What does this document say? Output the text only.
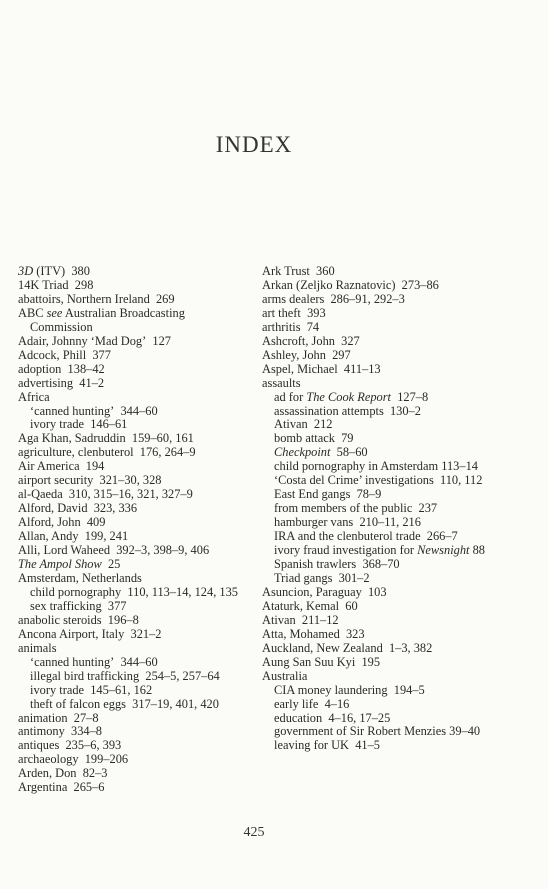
INDEX
3D (ITV)  380
14K Triad  298
abattoirs, Northern Ireland  269
ABC see Australian Broadcasting Commission
Adair, Johnny ‘Mad Dog’  127
Adcock, Phill  377
adoption  138–42
advertising  41–2
Africa
‘canned hunting’  344–60
ivory trade  146–61
Aga Khan, Sadruddin  159–60, 161
agriculture, clenbuterol  176, 264–9
Air America  194
airport security  321–30, 328
al-Qaeda  310, 315–16, 321, 327–9
Alford, David  323, 336
Alford, John  409
Allan, Andy  199, 241
Alli, Lord Waheed  392–3, 398–9, 406
The Ampol Show  25
Amsterdam, Netherlands
child pornography  110, 113–14, 124, 135
sex trafficking  377
anabolic steroids  196–8
Ancona Airport, Italy  321–2
animals
‘canned hunting’  344–60
illegal bird trafficking  254–5, 257–64
ivory trade  145–61, 162
theft of falcon eggs  317–19, 401, 420
animation  27–8
antimony  334–8
antiques  235–6, 393
archaeology  199–206
Arden, Don  82–3
Argentina  265–6
Ark Trust  360
Arkan (Zeljko Raznatovic)  273–86
arms dealers  286–91, 292–3
art theft  393
arthritis  74
Ashcroft, John  327
Ashley, John  297
Aspel, Michael  411–13
assaults
ad for The Cook Report  127–8
assassination attempts  130–2
Ativan  212
bomb attack  79
Checkpoint  58–60
child pornography in Amsterdam 113–14
‘Costa del Crime’ investigations  110, 112
East End gangs  78–9
from members of the public  237
hamburger vans  210–11, 216
IRA and the clenbuterol trade  266–7
ivory fraud investigation for Newsnight 88
Spanish trawlers  368–70
Triad gangs  301–2
Asuncion, Paraguay  103
Ataturk, Kemal  60
Ativan  211–12
Atta, Mohamed  323
Auckland, New Zealand  1–3, 382
Aung San Suu Kyi  195
Australia
CIA money laundering  194–5
early life  4–16
education  4–16, 17–25
government of Sir Robert Menzies 39–40
leaving for UK  41–5
425
